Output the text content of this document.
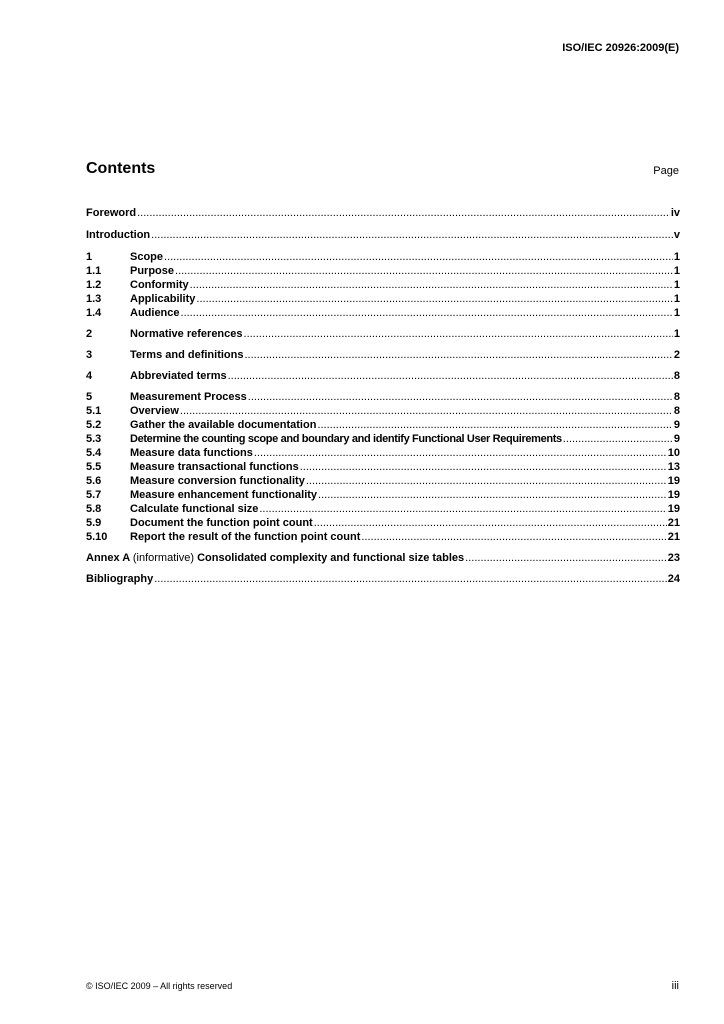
ISO/IEC 20926:2009(E)
Contents	Page
Foreword .....	iv
Introduction .....	v
1	Scope .....	1
1.1	Purpose .....	1
1.2	Conformity .....	1
1.3	Applicability .....	1
1.4	Audience .....	1
2	Normative references .....	1
3	Terms and definitions .....	2
4	Abbreviated terms .....	8
5	Measurement Process .....	8
5.1	Overview .....	8
5.2	Gather the available documentation .....	9
5.3	Determine the counting scope and boundary and identify Functional User Requirements .....	9
5.4	Measure data functions .....	10
5.5	Measure transactional functions .....	13
5.6	Measure conversion functionality .....	19
5.7	Measure enhancement functionality .....	19
5.8	Calculate functional size .....	19
5.9	Document the function point count .....	21
5.10	Report the result of the function point count .....	21
Annex A (informative) Consolidated complexity and functional size tables .....	23
Bibliography .....	24
© ISO/IEC 2009 – All rights reserved	iii
